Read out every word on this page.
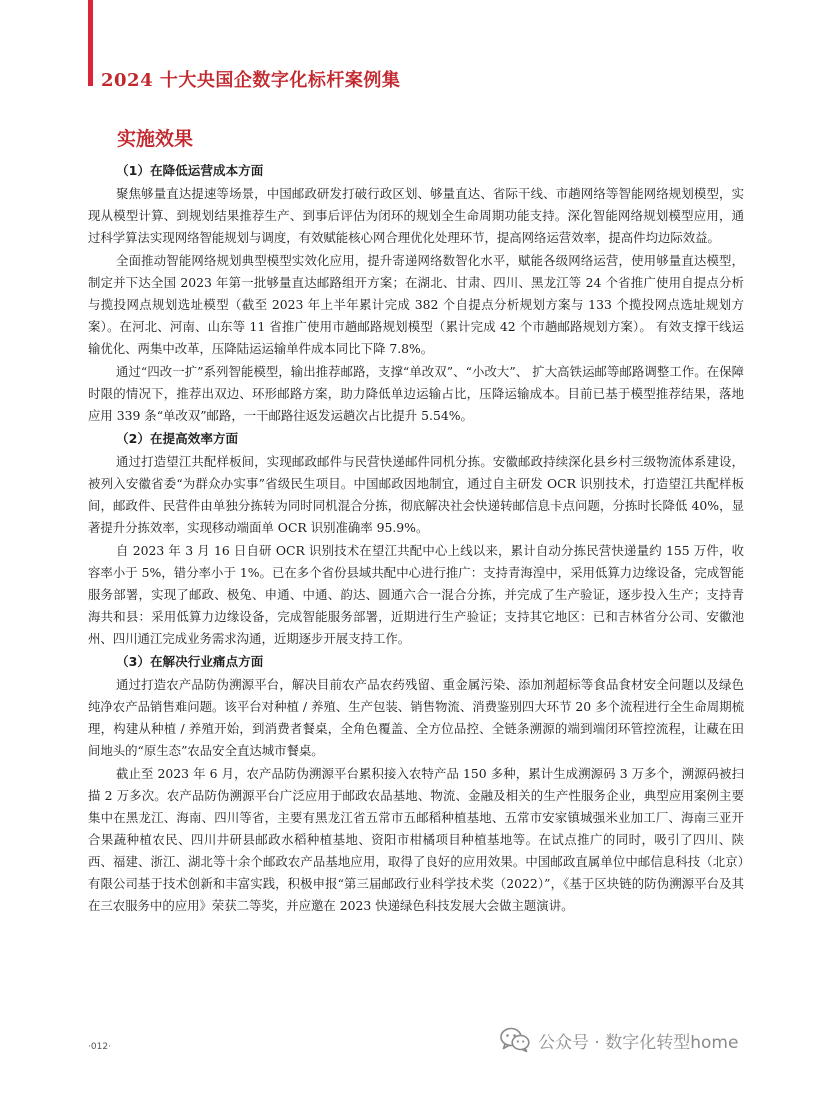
2024 十大央国企数字化标杆案例集
实施效果

（1）在降低运营成本方面

聚焦够量直达提速等场景，中国邮政研发打破行政区划、够量直达、省际干线、市趟网络等智能网络规划模型，实现从模型计算、到规划结果推荐生产、到事后评估为闭环的规划全生命周期功能支持。深化智能网络规划模型应用，通过科学算法实现网络智能规划与调度，有效赋能核心网合理优化处理环节，提高网络运营效率，提高件均边际效益。

全面推动智能网络规划典型模型实效化应用，提升寄递网络数智化水平，赋能各级网络运营，使用够量直达模型，制定并下达全国 2023 年第一批够量直达邮路组开方案；在湖北、甘肃、四川、黑龙江等 24 个省推广使用自提点分析与揽投网点规划选址模型（截至 2023 年上半年累计完成 382 个自提点分析规划方案与 133 个揽投网点选址规划方案）。在河北、河南、山东等 11 省推广使用市趟邮路规划模型（累计完成 42 个市趟邮路规划方案）。 有效支撑干线运输优化、两集中改革，压降陆运运输单件成本同比下降 7.8%。

通过“四改一扩”系列智能模型，输出推荐邮路，支撑“单改双”、“小改大”、 扩大高铁运邮等邮路调整工作。在保障时限的情况下，推荐出双边、环形邮路方案，助力降低单边运输占比，压降运输成本。目前已基于模型推荐结果，落地应用 339 条“单改双”邮路，一干邮路往返发运趟次占比提升 5.54%。

（2）在提高效率方面

通过打造望江共配样板间，实现邮政邮件与民营快递邮件同机分拣。安徽邮政持续深化县乡村三级物流体系建设，被列入安徽省委“为群众办实事”省级民生项目。中国邮政因地制宜，通过自主研发 OCR 识别技术，打造望江共配样板间，邮政件、民营件由单独分拣转为同时同机混合分拣，彻底解决社会快递转邮信息卡点问题，分拣时长降低 40%，显著提升分拣效率，实现移动端面单 OCR 识别准确率 95.9%。

自 2023 年 3 月 16 日自研 OCR 识别技术在望江共配中心上线以来，累计自动分拣民营快递量约 155 万件，收容率小于 5%，错分率小于 1%。已在多个省份县域共配中心进行推广：支持青海湟中，采用低算力边缘设备，完成智能服务部署，实现了邮政、极兔、申通、中通、韵达、圆通六合一混合分拣，并完成了生产验证，逐步投入生产；支持青海共和县：采用低算力边缘设备，完成智能服务部署，近期进行生产验证；支持其它地区：已和吉林省分公司、安徽池州、四川通江完成业务需求沟通，近期逐步开展支持工作。

（3）在解决行业痛点方面

通过打造农产品防伪溯源平台，解决目前农产品农药残留、重金属污染、添加剂超标等食品食材安全问题以及绿色纯净农产品销售难问题。该平台对种植 / 养殖、生产包装、销售物流、消费鉴别四大环节 20 多个流程进行全生命周期梳理，构建从种植 / 养殖开始，到消费者餐桌，全角色覆盖、全方位品控、全链条溯源的端到端闭环管控流程，让藏在田间地头的“原生态”农品安全直达城市餐桌。

截止至 2023 年 6 月，农产品防伪溯源平台累积接入农特产品 150 多种，累计生成溯源码 3 万多个，溯源码被扫描 2 万多次。农产品防伪溯源平台广泛应用于邮政农品基地、物流、金融及相关的生产性服务企业，典型应用案例主要集中在黑龙江、海南、四川等省，主要有黑龙江省五常市五邮稻种植基地、五常市安家镇城强米业加工厂、海南三亚开合果蔬种植农民、四川井研县邮政水稻种植基地、资阳市柑橘项目种植基地等。在试点推广的同时，吸引了四川、陕西、福建、浙江、湖北等十余个邮政农产品基地应用，取得了良好的应用效果。中国邮政直属单位中邮信息科技（北京）有限公司基于技术创新和丰富实践，积极申报“第三届邮政行业科学技术奖（2022）”，《基于区块链的防伪溯源平台及其在三农服务中的应用》荣获二等奖，并应邀在 2023 快递绿色科技发展大会做主题演讲。

·012·	公众号 · 数字化转型home
